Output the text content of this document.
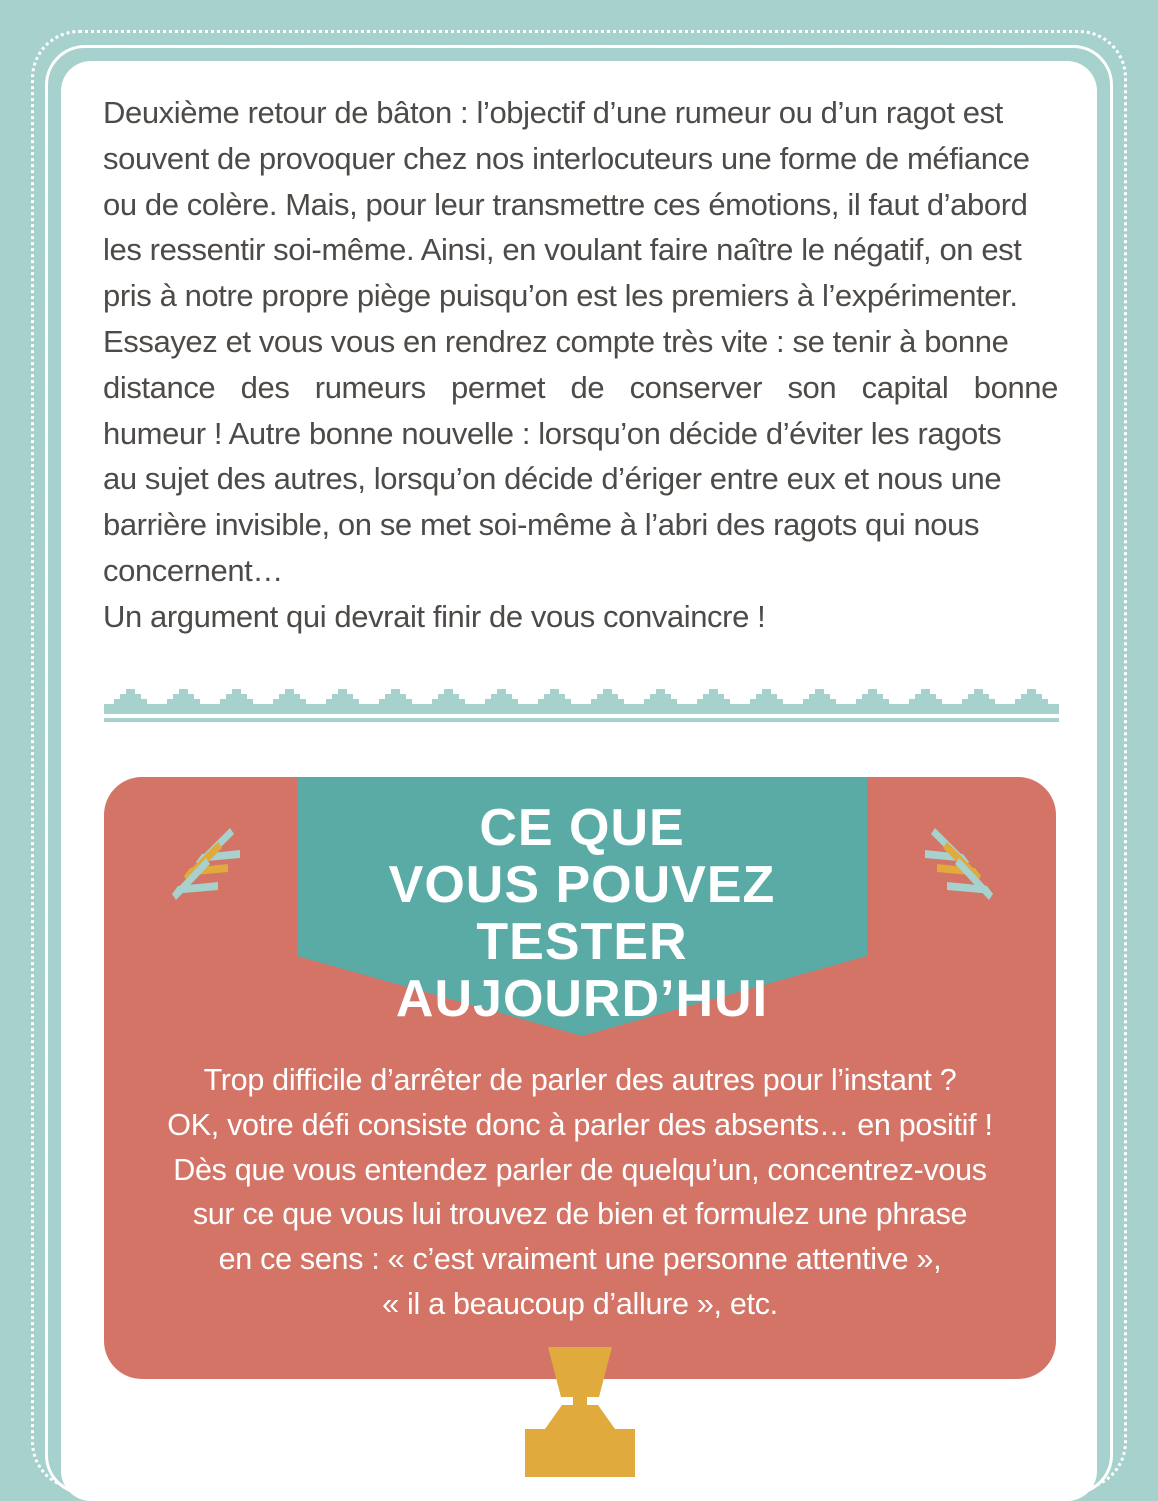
Deuxième retour de bâton : l’objectif d’une rumeur ou d’un ragot est
souvent de provoquer chez nos interlocuteurs une forme de méfiance
ou de colère. Mais, pour leur transmettre ces émotions, il faut d’abord
les ressentir soi-même. Ainsi, en voulant faire naître le négatif, on est
pris à notre propre piège puisqu’on est les premiers à l’expérimenter.
Essayez et vous vous en rendrez compte très vite : se tenir à bonne
distance des rumeurs permet de conserver son capital bonne
humeur ! Autre bonne nouvelle : lorsqu’on décide d’éviter les ragots
au sujet des autres, lorsqu’on décide d’ériger entre eux et nous une
barrière invisible, on se met soi-même à l’abri des ragots qui nous
concernent…
Un argument qui devrait finir de vous convaincre !

CE QUE
VOUS POUVEZ TESTER
AUJOURD’HUI

Trop difficile d’arrêter de parler des autres pour l’instant ?
OK, votre défi consiste donc à parler des absents… en positif !
Dès que vous entendez parler de quelqu’un, concentrez-vous
sur ce que vous lui trouvez de bien et formulez une phrase
en ce sens : « c’est vraiment une personne attentive »,
« il a beaucoup d’allure », etc.
